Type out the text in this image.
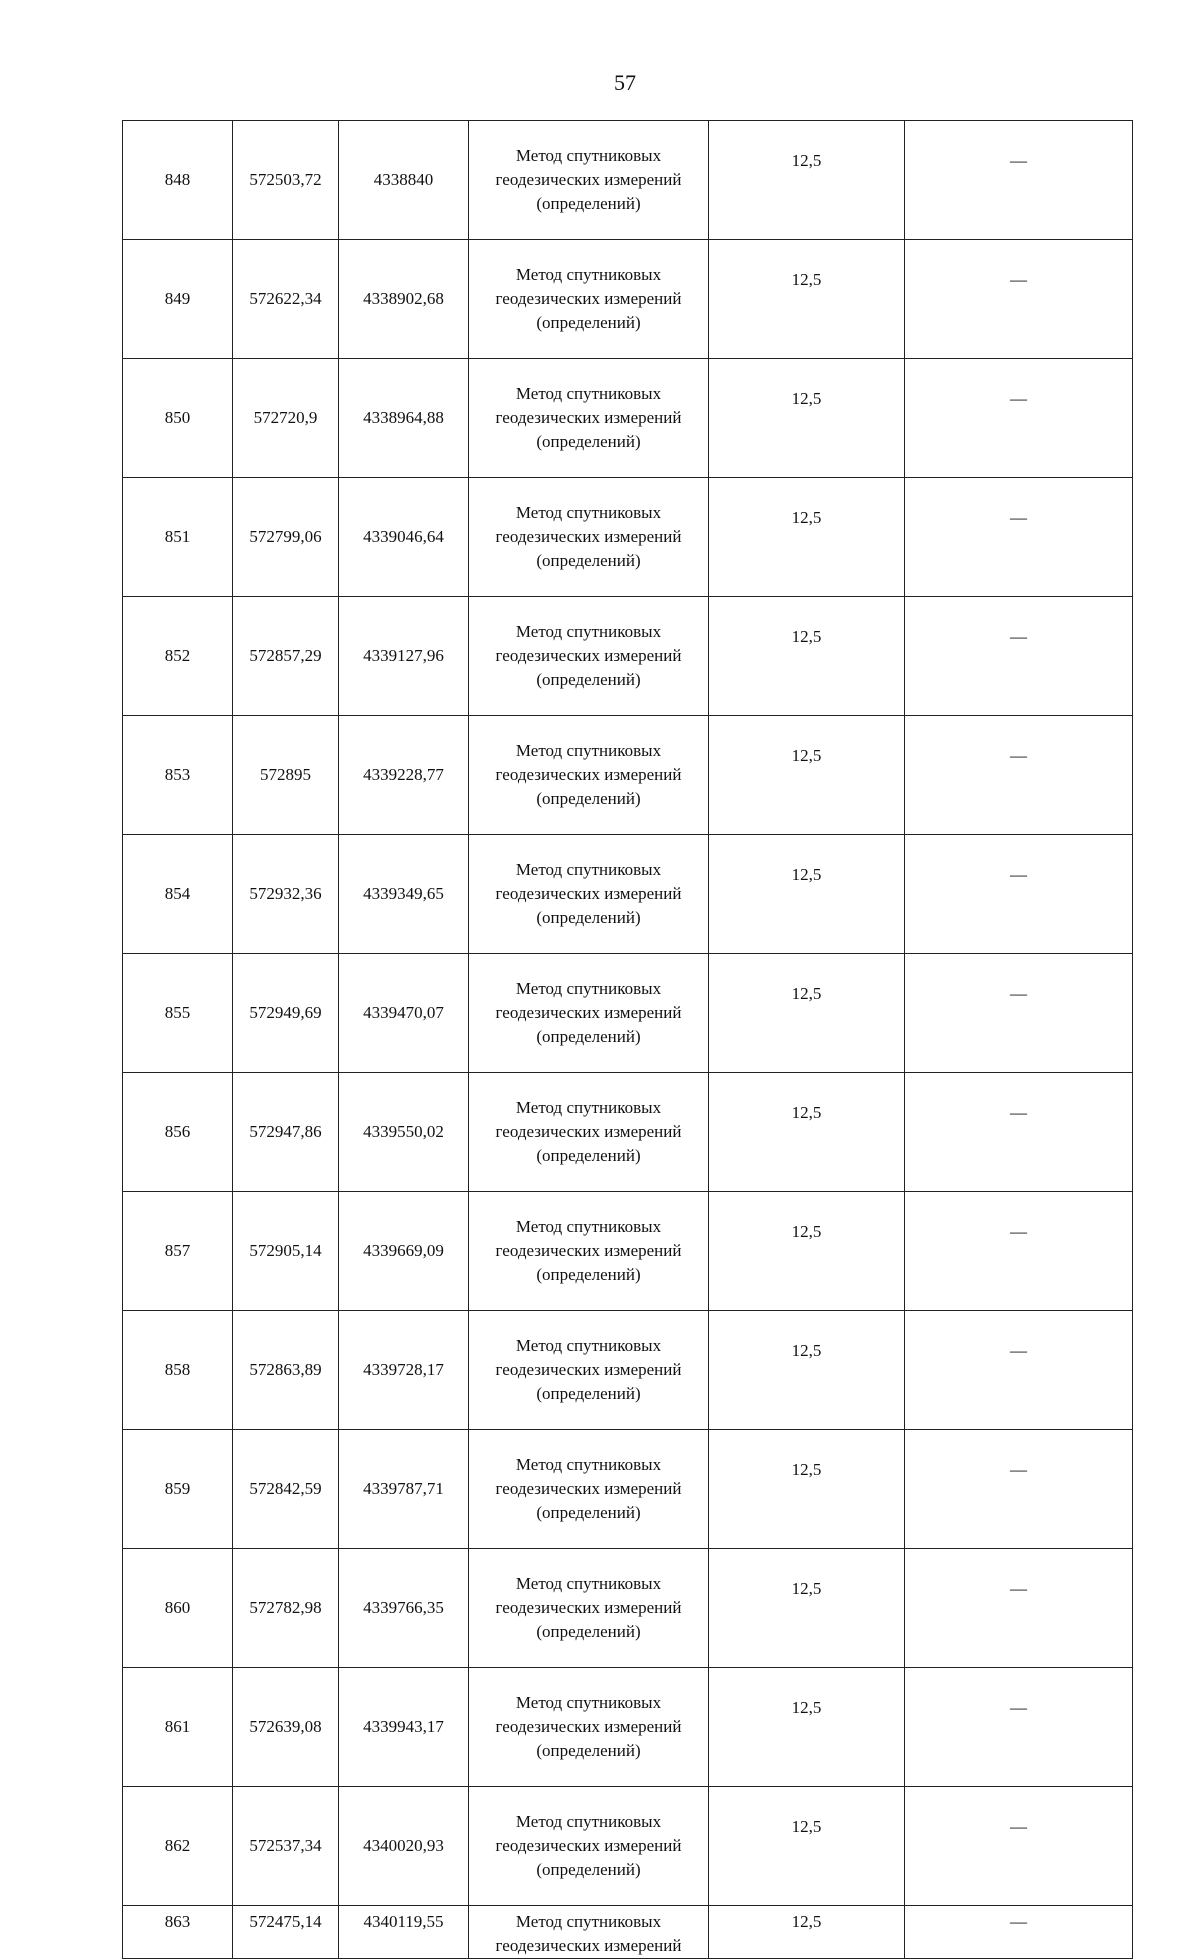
57
848	572503,72	4338840	Метод спутниковых
геодезических измерений
(определений)	12,5	—
849	572622,34	4338902,68	Метод спутниковых
геодезических измерений
(определений)	12,5	—
850	572720,9	4338964,88	Метод спутниковых
геодезических измерений
(определений)	12,5	—
851	572799,06	4339046,64	Метод спутниковых
геодезических измерений
(определений)	12,5	—
852	572857,29	4339127,96	Метод спутниковых
геодезических измерений
(определений)	12,5	—
853	572895	4339228,77	Метод спутниковых
геодезических измерений
(определений)	12,5	—
854	572932,36	4339349,65	Метод спутниковых
геодезических измерений
(определений)	12,5	—
855	572949,69	4339470,07	Метод спутниковых
геодезических измерений
(определений)	12,5	—
856	572947,86	4339550,02	Метод спутниковых
геодезических измерений
(определений)	12,5	—
857	572905,14	4339669,09	Метод спутниковых
геодезических измерений
(определений)	12,5	—
858	572863,89	4339728,17	Метод спутниковых
геодезических измерений
(определений)	12,5	—
859	572842,59	4339787,71	Метод спутниковых
геодезических измерений
(определений)	12,5	—
860	572782,98	4339766,35	Метод спутниковых
геодезических измерений
(определений)	12,5	—
861	572639,08	4339943,17	Метод спутниковых
геодезических измерений
(определений)	12,5	—
862	572537,34	4340020,93	Метод спутниковых
геодезических измерений
(определений)	12,5	—
863	572475,14	4340119,55	Метод спутниковых
геодезических измерений	12,5	—
